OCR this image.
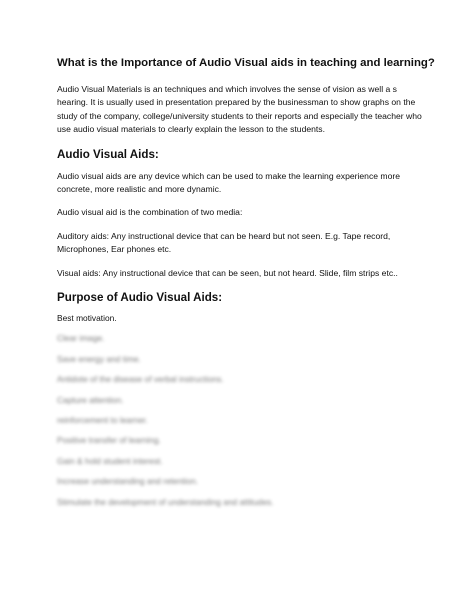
What is the Importance of Audio Visual aids in teaching and learning?

Audio Visual Materials is an techniques and which involves the sense of vision as well a s hearing. It is usually used in presentation prepared by the businessman to show graphs on the study of the company, college/university students to their reports and especially the teacher who use audio visual materials to clearly explain the lesson to the students.

Audio Visual Aids:

Audio visual aids are any device which can be used to make the learning experience more concrete, more realistic and more dynamic.

Audio visual aid is the combination of two media:

Auditory aids: Any instructional device that can be heard but not seen. E.g. Tape record, Microphones, Ear phones etc.

Visual aids: Any instructional device that can be seen, but not heard. Slide, film strips etc..

Purpose of Audio Visual Aids:
Best motivation.
Clear image.
Save energy and time.
Antidote of the disease of verbal instructions.
Capture attention.
reinforcement to learner.
Positive transfer of learning.
Gain & hold student interest.
Increase understanding and retention.
Stimulate the development of understanding and attitudes.
